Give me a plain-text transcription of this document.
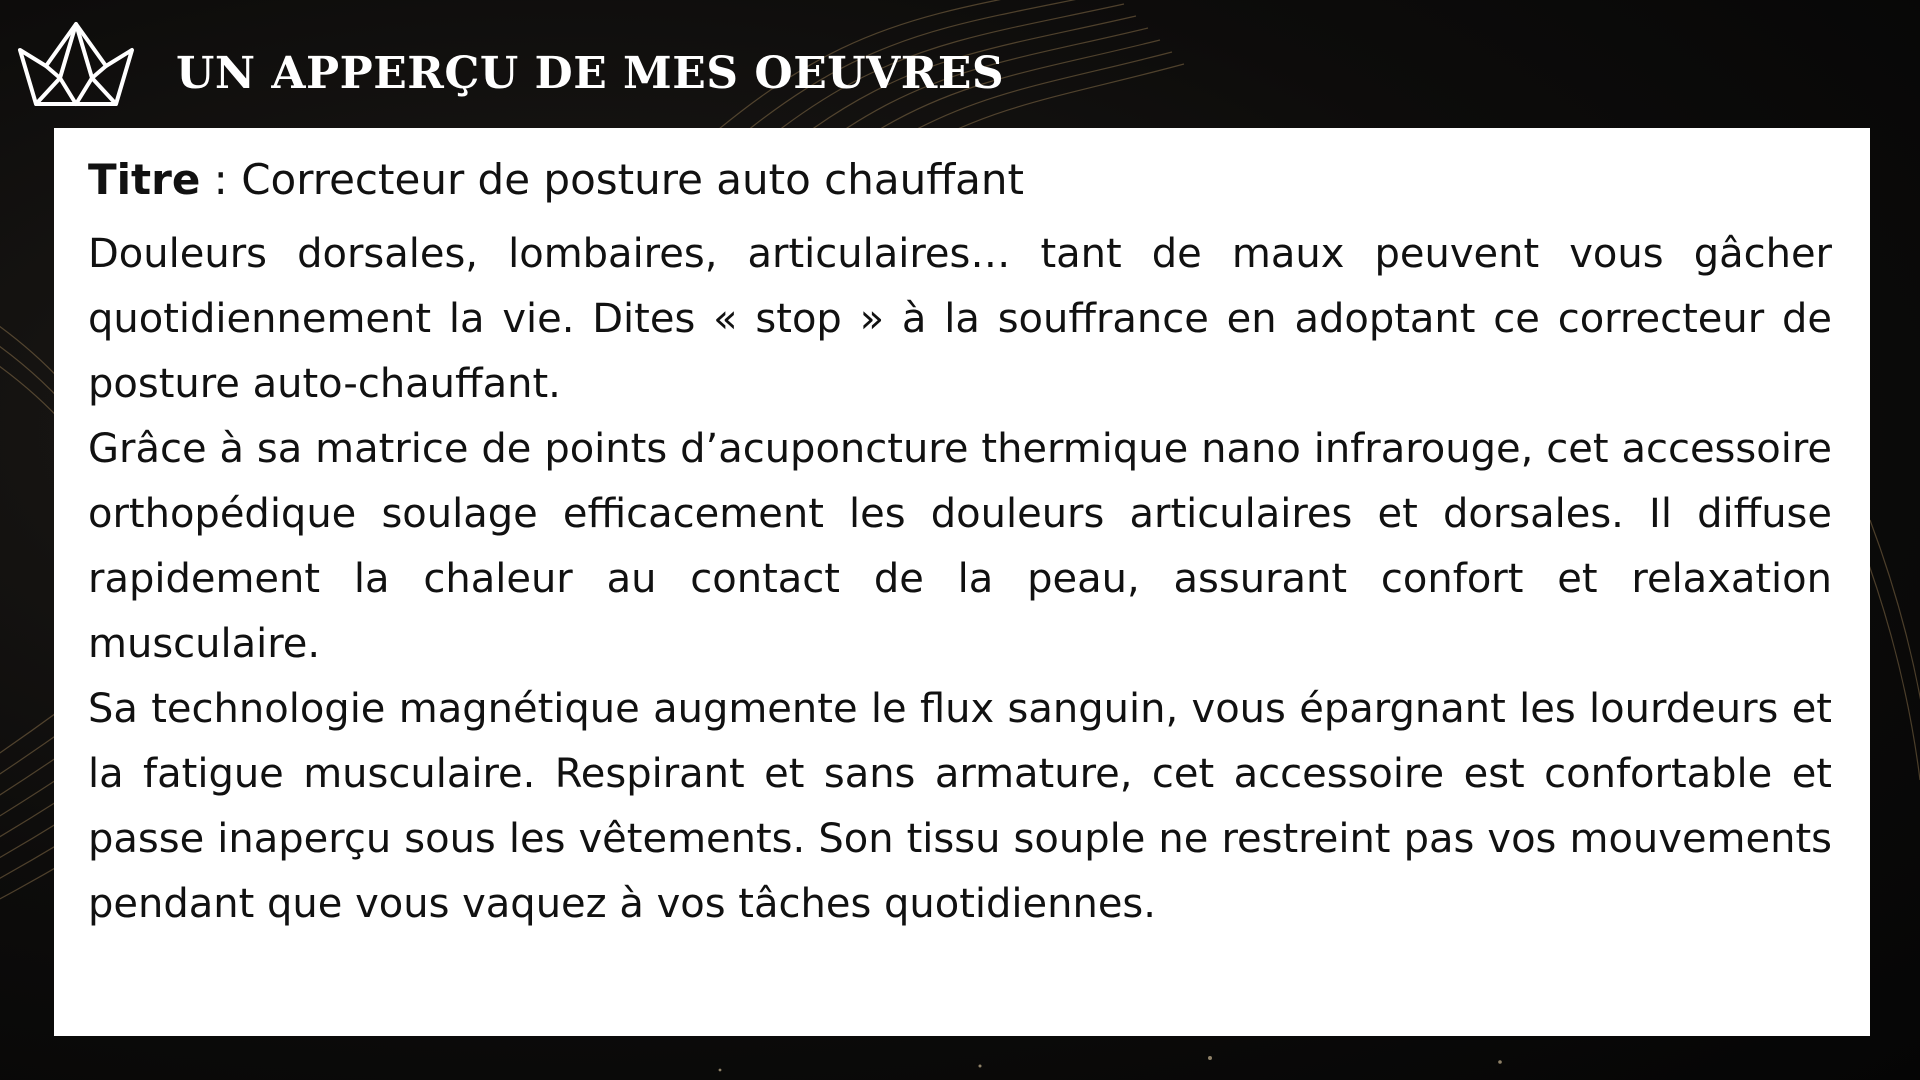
UN APPERÇU DE MES OEUVRES

Titre : Correcteur de posture auto chauffant

Douleurs dorsales, lombaires, articulaires… tant de maux peuvent vous gâcher quotidiennement la vie. Dites « stop » à la souffrance en adoptant ce correcteur de posture auto-chauffant.

Grâce à sa matrice de points d’acuponcture thermique nano infrarouge, cet accessoire orthopédique soulage efficacement les douleurs articulaires et dorsales. Il diffuse rapidement la chaleur au contact de la peau, assurant confort et relaxation musculaire.

Sa technologie magnétique augmente le flux sanguin, vous épargnant les lourdeurs et la fatigue musculaire. Respirant et sans armature, cet accessoire est confortable et passe inaperçu sous les vêtements. Son tissu souple ne restreint pas vos mouvements pendant que vous vaquez à vos tâches quotidiennes.
